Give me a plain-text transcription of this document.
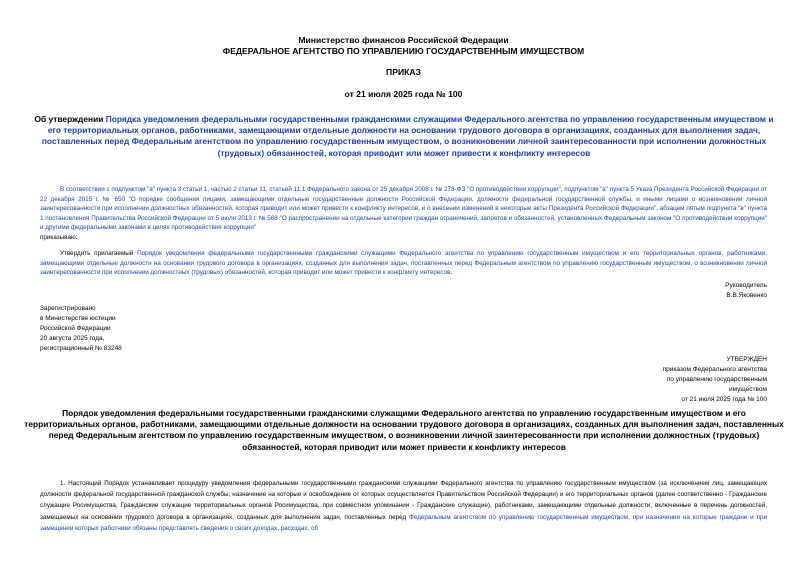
Министерство финансов Российской Федерации
ФЕДЕРАЛЬНОЕ АГЕНТСТВО ПО УПРАВЛЕНИЮ ГОСУДАРСТВЕННЫМ ИМУЩЕСТВОМ
ПРИКАЗ
от 21 июля 2025 года № 100
Об утверждении Порядка уведомления федеральными государственными гражданскими служащими Федерального агентства по управлению государственным имуществом и его территориальных органов, работниками, замещающими отдельные должности на основании трудового договора в организациях, созданных для выполнения задач, поставленных перед Федеральным агентством по управлению государственным имуществом, о возникновении личной заинтересованности при исполнении должностных (трудовых) обязанностей, которая приводит или может привести к конфликту интересов
В соответствии с подпунктом "а" пункта 3 статьи 1, частью 2 статьи 11, статьей 11.1 Федерального закона от 25 декабря 2008 г. № 273-ФЗ "О противодействии коррупции", подпунктом "а" пункта 5 Указа Президента Российской Федерации от 22 декабря 2015 г. № 650 "О порядке сообщения лицами, замещающими отдельные государственные должности Российской Федерации, должности федеральной государственной службы, и иными лицами о возникновении личной заинтересованности при исполнении должностных обязанностей, которая приводит или может привести к конфликту интересов, и о внесении изменений в некоторые акты Президента Российской Федерации", абзацем пятым подпункта "в" пункта 1 постановления Правительства Российской Федерации от 5 июля 2013 г. № 568 "О распространении на отдельные категории граждан ограничений, запретов и обязанностей, установленных Федеральным законом "О противодействии коррупции" и другими федеральными законами в целях противодействия коррупции"
приказываю:
Утвердить прилагаемый Порядок уведомления федеральными государственными гражданскими служащими Федерального агентства по управлению государственным имуществом и его территориальных органов, работниками, замещающими отдельные должности на основании трудового договора в организациях, созданных для выполнения задач, поставленных перед Федеральным агентством по управлению государственным имуществом, о возникновении личной заинтересованности при исполнении должностных (трудовых) обязанностей, которая приводит или может привести к конфликту интересов.
Руководитель
В.В.Яковенко
Зарегистрировано
в Министерстве юстиции
Российской Федерации
20 августа 2025 года,
регистрационный № 83248
УТВЕРЖДЕН
приказом Федерального агентства
по управлению государственным
имуществом
от 21 июля 2025 года № 100
Порядок уведомления федеральными государственными гражданскими служащими Федерального агентства по управлению государственным имуществом и его территориальных органов, работниками, замещающими отдельные должности на основании трудового договора в организациях, созданных для выполнения задач, поставленных перед Федеральным агентством по управлению государственным имуществом, о возникновении личной заинтересованности при исполнении должностных (трудовых) обязанностей, которая приводит или может привести к конфликту интересов
1. Настоящий Порядок устанавливает процедуру уведомления федеральными государственными гражданскими служащими Федерального агентства по управлению государственным имуществом (за исключением лиц, замещающих должности федеральной государственной гражданской службы, назначение на которые и освобождение от которых осуществляется Правительством Российской Федерации) и его территориальных органов (далее соответственно - Гражданские служащие Росимущества, Гражданские служащие территориальных органов Росимущества, при совместном упоминании - Гражданские служащие), работниками, замещающими отдельные должности, включенные в перечень должностей, замещаемых на основании трудового договора в организациях, созданных для выполнения задач, поставленных перед Федеральным агентством по управлению государственным имуществом, при назначении на которые граждане и при замещении которых работники обязаны представлять сведения о своих доходах, расходах, об
